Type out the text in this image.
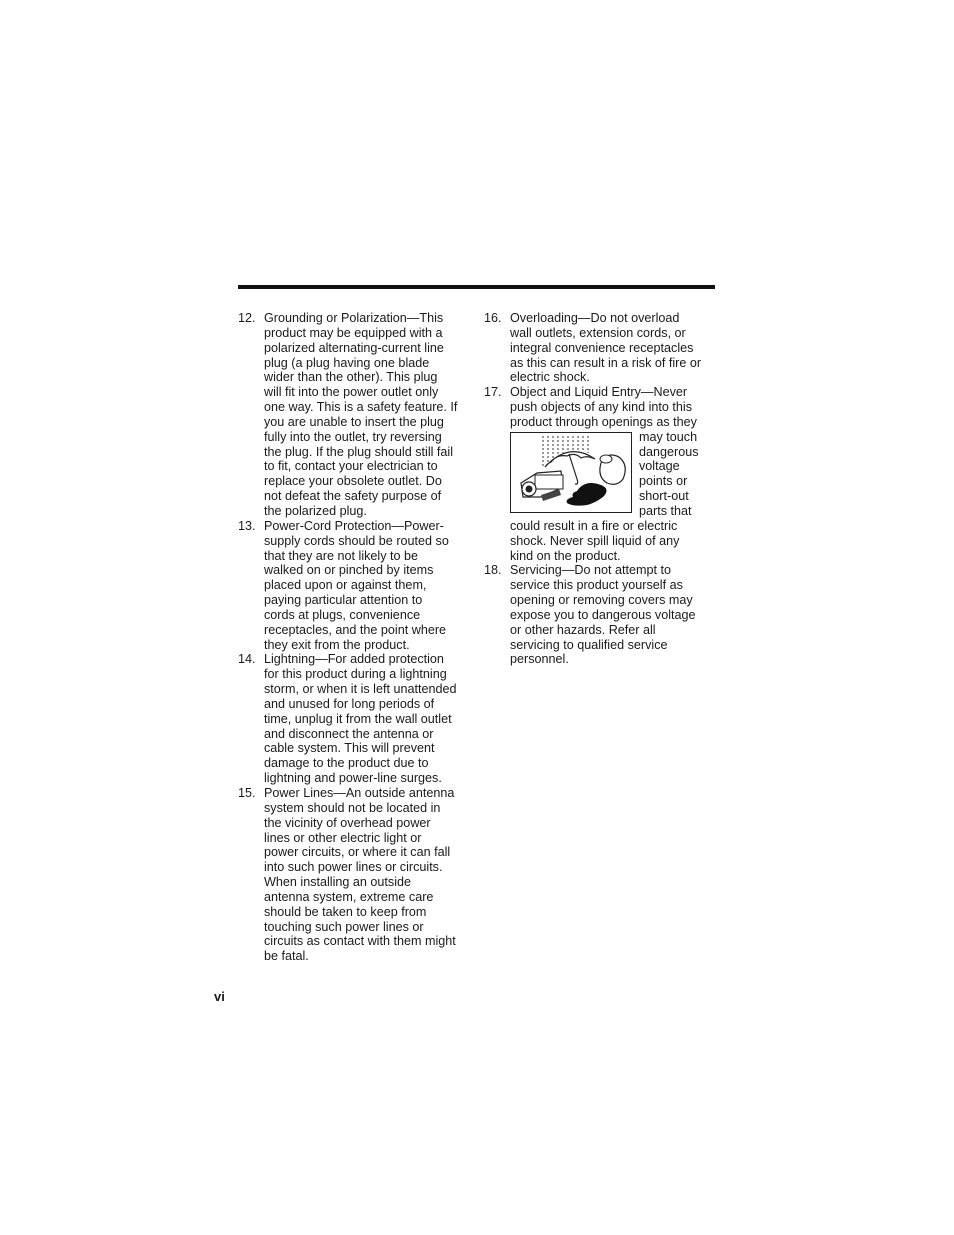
12. Grounding or Polarization—This
product may be equipped with a
polarized alternating-current line
plug (a plug having one blade
wider than the other). This plug
will fit into the power outlet only
one way. This is a safety feature. If
you are unable to insert the plug
fully into the outlet, try reversing
the plug. If the plug should still fail
to fit, contact your electrician to
replace your obsolete outlet. Do
not defeat the safety purpose of
the polarized plug.
13. Power-Cord Protection—Power-
supply cords should be routed so
that they are not likely to be
walked on or pinched by items
placed upon or against them,
paying particular attention to
cords at plugs, convenience
receptacles, and the point where
they exit from the product.
14. Lightning—For added protection
for this product during a lightning
storm, or when it is left unattended
and unused for long periods of
time, unplug it from the wall outlet
and disconnect the antenna or
cable system. This will prevent
damage to the product due to
lightning and power-line surges.
15. Power Lines—An outside antenna
system should not be located in
the vicinity of overhead power
lines or other electric light or
power circuits, or where it can fall
into such power lines or circuits.
When installing an outside
antenna system, extreme care
should be taken to keep from
touching such power lines or
circuits as contact with them might
be fatal.
16. Overloading—Do not overload
wall outlets, extension cords, or
integral convenience receptacles
as this can result in a risk of fire or
electric shock.
17. Object and Liquid Entry—Never
push objects of any kind into this
product through openings as they
may touch
dangerous
voltage
points or
short-out
parts that
could result in a fire or electric
shock. Never spill liquid of any
kind on the product.
18. Servicing—Do not attempt to
service this product yourself as
opening or removing covers may
expose you to dangerous voltage
or other hazards. Refer all
servicing to qualified service
personnel.
vi
